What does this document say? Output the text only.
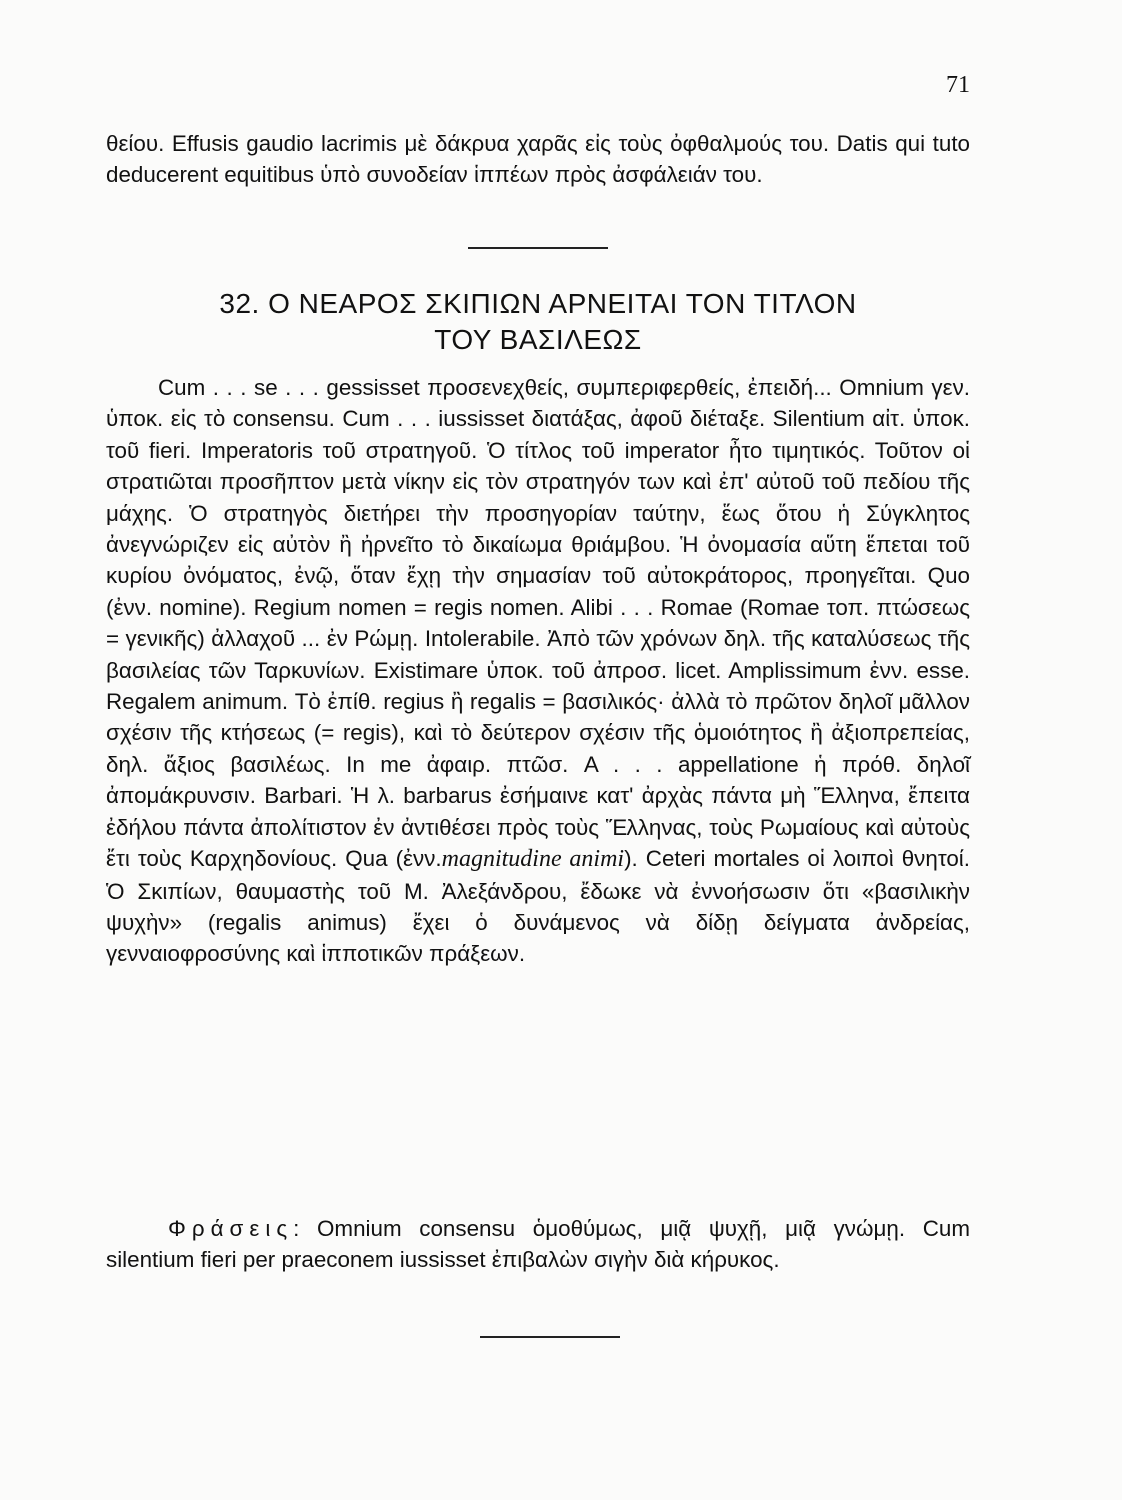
71

θείου. Effusis gaudio lacrimis μὲ δάκρυα χαρᾶς εἰς τοὺς ὀφθαλμούς του. Datis qui tuto deducerent equitibus ὑπὸ συνοδείαν ἱππέων πρὸς ἀσφάλειάν του.

32. Ο ΝΕΑΡΟΣ ΣΚΙΠΙΩΝ ΑΡΝΕΙΤΑΙ ΤΟΝ ΤΙΤΛΟΝ
ΤΟΥ ΒΑΣΙΛΕΩΣ

Cum . . . se . . . gessisset προσενεχθείς, συμπεριφερθείς, ἐπειδή... Omnium γεν. ὑποκ. εἰς τὸ consensu. Cum . . . iussisset διατάξας, ἀφοῦ διέταξε. Silentium αἰτ. ὑποκ. τοῦ fieri. Imperatoris τοῦ στρατηγοῦ. Ὁ τίτλος τοῦ imperator ἦτο τιμητικός. Τοῦτον οἱ στρατιῶται προσῆπτον μετὰ νίκην εἰς τὸν στρατηγόν των καὶ ἐπ' αὐτοῦ τοῦ πεδίου τῆς μάχης. Ὁ στρατηγὸς διετήρει τὴν προσηγορίαν ταύτην, ἕως ὅτου ἡ Σύγκλητος ἀνεγνώριζεν εἰς αὐτὸν ἢ ἠρνεῖτο τὸ δικαίωμα θριάμβου. Ἡ ὀνομασία αὕτη ἕπεται τοῦ κυρίου ὀνόματος, ἐνῷ, ὅταν ἔχῃ τὴν σημασίαν τοῦ αὐτοκράτορος, προηγεῖται. Quo (ἐνν. nomine). Regium nomen = regis nomen. Alibi . . . Romae (Romae τοπ. πτώσεως = γενικῆς) ἀλλαχοῦ ... ἐν Ρώμῃ. Intolerabile. Ἀπὸ τῶν χρόνων δηλ. τῆς καταλύσεως τῆς βασιλείας τῶν Ταρκυνίων. Existimare ὑποκ. τοῦ ἀπροσ. licet. Amplissimum ἐνν. esse. Regalem animum. Τὸ ἐπίθ. regius ἢ regalis = βασιλικός· ἀλλὰ τὸ πρῶτον δηλοῖ μᾶλλον σχέσιν τῆς κτήσεως (= regis), καὶ τὸ δεύτερον σχέσιν τῆς ὁμοιότητος ἢ ἀξιοπρεπείας, δηλ. ἄξιος βασιλέως. In me ἀφαιρ. πτῶσ. A . . . appellatione ἡ πρόθ. δηλοῖ ἀπομάκρυνσιν. Barbari. Ἡ λ. barbarus ἐσήμαινε κατ' ἀρχὰς πάντα μὴ Ἕλληνα, ἔπειτα ἐδήλου πάντα ἀπολίτιστον ἐν ἀντιθέσει πρὸς τοὺς Ἕλληνας, τοὺς Ρωμαίους καὶ αὐτοὺς ἔτι τοὺς Καρχηδονίους. Qua (ἐνν.magnitudine animi). Ceteri mortales οἱ λοιποὶ θνητοί. Ὁ Σκιπίων, θαυμαστὴς τοῦ Μ. Ἀλεξάνδρου, ἔδωκε νὰ ἐννοήσωσιν ὅτι «βασιλικὴν ψυχὴν» (regalis animus) ἔχει ὁ δυνάμενος νὰ δίδῃ δείγματα ἀνδρείας, γενναιοφροσύνης καὶ ἱπποτικῶν πράξεων.

Φράσεις: Omnium consensu ὁμοθύμως, μιᾷ ψυχῇ, μιᾷ γνώμῃ. Cum silentium fieri per praeconem iussisset ἐπιβαλὼν σιγὴν διὰ κήρυκος.
